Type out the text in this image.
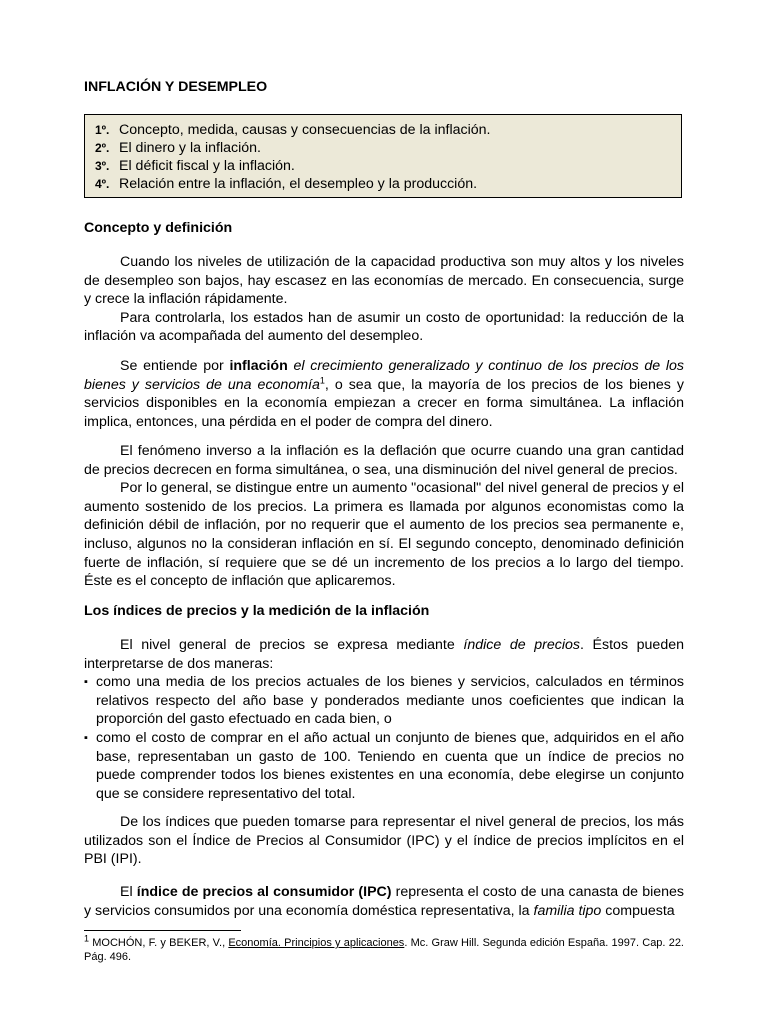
INFLACIÓN Y DESEMPLEO
1º. Concepto, medida, causas y consecuencias de la inflación.
2º. El dinero y la inflación.
3º. El déficit fiscal y la inflación.
4º. Relación entre la inflación, el desempleo y la producción.
Concepto y definición

Cuando los niveles de utilización de la capacidad productiva son muy altos y los niveles de desempleo son bajos, hay escasez en las economías de mercado. En consecuencia, surge y crece la inflación rápidamente.

Para controlarla, los estados han de asumir un costo de oportunidad: la reducción de la inflación va acompañada del aumento del desempleo.

Se entiende por inflación el crecimiento generalizado y continuo de los precios de los bienes y servicios de una economía$^1$, o sea que, la mayoría de los precios de los bienes y servicios disponibles en la economía empiezan a crecer en forma simultánea. La inflación implica, entonces, una pérdida en el poder de compra del dinero.

El fenómeno inverso a la inflación es la deflación que ocurre cuando una gran cantidad de precios decrecen en forma simultánea, o sea, una disminución del nivel general de precios.

Por lo general, se distingue entre un aumento "ocasional" del nivel general de precios y el aumento sostenido de los precios. La primera es llamada por algunos economistas como la definición débil de inflación, por no requerir que el aumento de los precios sea permanente e, incluso, algunos no la consideran inflación en sí. El segundo concepto, denominado definición fuerte de inflación, sí requiere que se dé un incremento de los precios a lo largo del tiempo. Éste es el concepto de inflación que aplicaremos.

Los índices de precios y la medición de la inflación

El nivel general de precios se expresa mediante índice de precios. Éstos pueden interpretarse de dos maneras:

▪ como una media de los precios actuales de los bienes y servicios, calculados en términos relativos respecto del año base y ponderados mediante unos coeficientes que indican la proporción del gasto efectuado en cada bien, o
▪ como el costo de comprar en el año actual un conjunto de bienes que, adquiridos en el año base, representaban un gasto de 100. Teniendo en cuenta que un índice de precios no puede comprender todos los bienes existentes en una economía, debe elegirse un conjunto que se considere representativo del total.

De los índices que pueden tomarse para representar el nivel general de precios, los más utilizados son el Índice de Precios al Consumidor (IPC) y el índice de precios implícitos en el PBI (IPI).

El índice de precios al consumidor (IPC) representa el costo de una canasta de bienes y servicios consumidos por una economía doméstica representativa, la familia tipo compuesta

$^1$ MOCHÓN, F. y BEKER, V., Economía. Principios y aplicaciones. Mc. Graw Hill. Segunda edición España. 1997. Cap. 22. Pág. 496.
